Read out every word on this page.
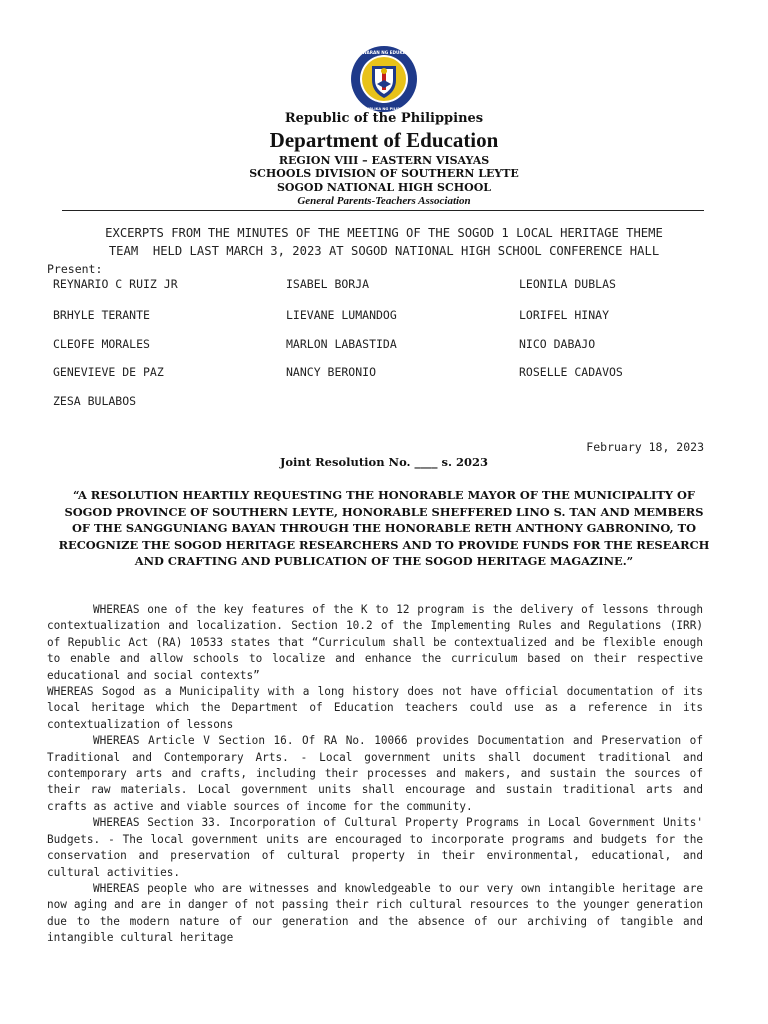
KAGAWARAN NG EDUKASYON
REPUBLIKA NG PILIPINAS
Republic of the Philippines
Department of Education
REGION VIII – EASTERN VISAYAS
SCHOOLS DIVISION OF SOUTHERN LEYTE
SOGOD NATIONAL HIGH SCHOOL
General Parents-Teachers Association
EXCERPTS FROM THE MINUTES OF THE MEETING OF THE SOGOD 1 LOCAL HERITAGE THEME
TEAM  HELD LAST MARCH 3, 2023 AT SOGOD NATIONAL HIGH SCHOOL CONFERENCE HALL
Present:
REYNARIO C RUIZ JR
BRHYLE TERANTE
CLEOFE MORALES
GENEVIEVE DE PAZ
ZESA BULABOS
ISABEL BORJA
LIEVANE LUMANDOG
MARLON LABASTIDA
NANCY BERONIO
LEONILA DUBLAS
LORIFEL HINAY
NICO DABAJO
ROSELLE CADAVOS
February 18, 2023
Joint Resolution No. ____ s. 2023
“A RESOLUTION HEARTILY REQUESTING THE HONORABLE MAYOR OF THE MUNICIPALITY OF SOGOD PROVINCE OF SOUTHERN LEYTE, HONORABLE SHEFFERED LINO S. TAN AND MEMBERS OF THE SANGGUNIANG BAYAN THROUGH THE HONORABLE RETH ANTHONY GABRONINO, TO RECOGNIZE THE SOGOD HERITAGE RESEARCHERS AND TO PROVIDE FUNDS FOR THE RESEARCH AND CRAFTING AND PUBLICATION OF THE SOGOD HERITAGE MAGAZINE.”

WHEREAS one of the key features of the K to 12 program is the delivery of lessons through contextualization and localization. Section 10.2 of the Implementing Rules and Regulations (IRR) of Republic Act (RA) 10533 states that “Curriculum shall be contextualized and be flexible enough to enable and allow schools to localize and enhance the curriculum based on their respective educational and social contexts”

WHEREAS Sogod as a Municipality with a long history does not have official documentation of its local heritage which the Department of Education teachers could use as a reference in its contextualization of lessons

WHEREAS Article V Section 16. Of RA No. 10066 provides Documentation and Preservation of Traditional and Contemporary Arts. - Local government units shall document traditional and contemporary arts and crafts, including their processes and makers, and sustain the sources of their raw materials. Local government units shall encourage and sustain traditional arts and crafts as active and viable sources of income for the community.

WHEREAS Section 33. Incorporation of Cultural Property Programs in Local Government Units' Budgets. - The local government units are encouraged to incorporate programs and budgets for the conservation and preservation of cultural property in their environmental, educational, and cultural activities.

WHEREAS people who are witnesses and knowledgeable to our very own intangible heritage are now aging and are in danger of not passing their rich cultural resources to the younger generation due to the modern nature of our generation and the absence of our archiving of tangible and intangible cultural heritage
